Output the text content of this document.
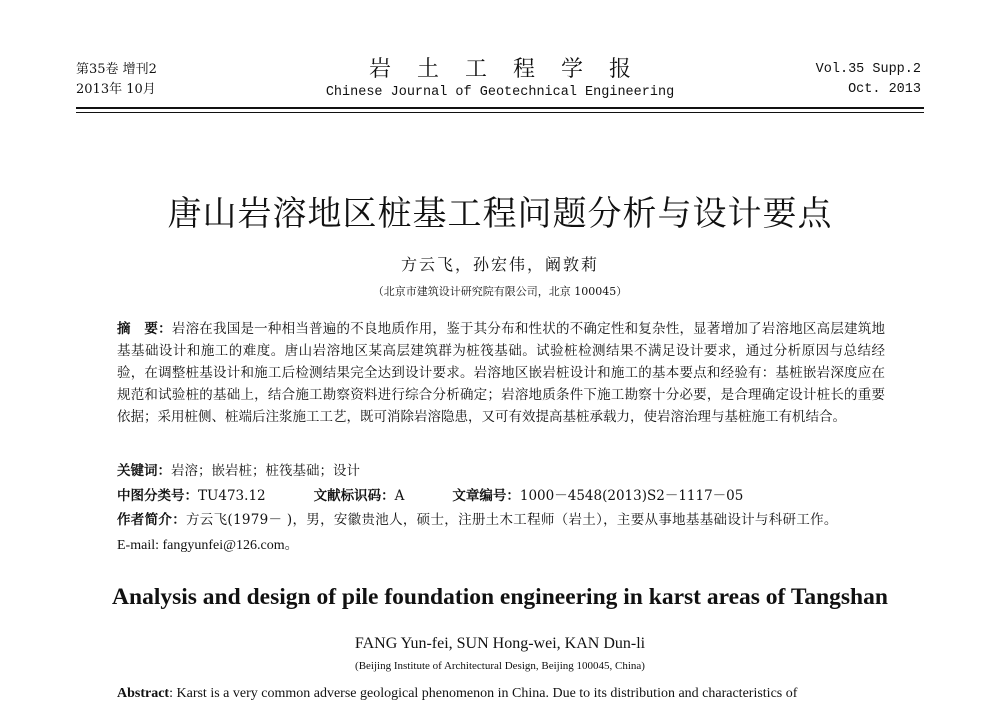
第35卷 增刊2
2013年 10月
岩土工程学报
Chinese Journal of Geotechnical Engineering
Vol.35 Supp.2
Oct. 2013
唐山岩溶地区桩基工程问题分析与设计要点
方云飞，孙宏伟，阚敦莉
（北京市建筑设计研究院有限公司，北京 100045）
摘　要：岩溶在我国是一种相当普遍的不良地质作用，鉴于其分布和性状的不确定性和复杂性，显著增加了岩溶地区高层建筑地基基础设计和施工的难度。唐山岩溶地区某高层建筑群为桩筏基础。试验桩检测结果不满足设计要求，通过分析原因与总结经验，在调整桩基设计和施工后检测结果完全达到设计要求。岩溶地区嵌岩桩设计和施工的基本要点和经验有：基桩嵌岩深度应在规范和试验桩的基础上，结合施工勘察资料进行综合分析确定；岩溶地质条件下施工勘察十分必要，是合理确定设计桩长的重要依据；采用桩侧、桩端后注浆施工工艺，既可消除岩溶隐患，又可有效提高基桩承载力，使岩溶治理与基桩施工有机结合。
关键词：岩溶；嵌岩桩；桩筏基础；设计
中图分类号：TU473.12	文献标识码：A	文章编号：1000－4548(2013)S2－1117－05
作者简介：方云飞(1979－ )，男，安徽贵池人，硕士，注册土木工程师（岩土），主要从事地基基础设计与科研工作。
E-mail: fangyunfei@126.com。
Analysis and design of pile foundation engineering in karst areas of Tangshan
FANG Yun-fei, SUN Hong-wei, KAN Dun-li
(Beijing Institute of Architectural Design, Beijing 100045, China)
Abstract: Karst is a very common adverse geological phenomenon in China. Due to its distribution and characteristics of
